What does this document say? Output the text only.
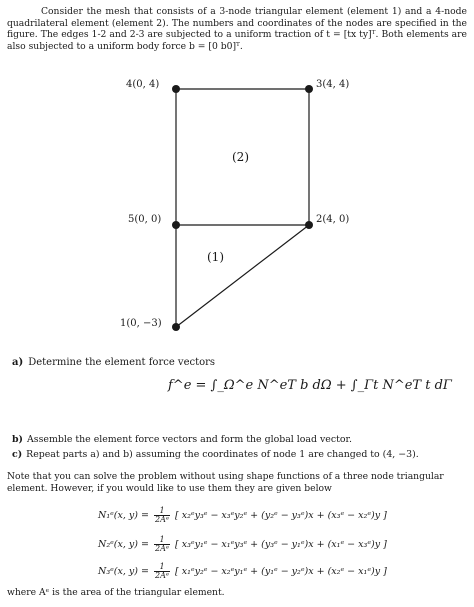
Consider the mesh that consists of a 3-node triangular element (element 1) and a 4-node quadrilateral element (element 2). The numbers and coordinates of the nodes are specified in the figure. The edges 1-2 and 2-3 are subjected to a uniform traction of t = [tx ty]ᵀ. Both elements are also subjected to a uniform body force b = [0 b0]ᵀ.
4(0, 4)	3(4, 4)
5(0, 0)	2(4, 0)
1(0, −3)
(2)
(1)
a) Determine the element force vectors
f^e = ∫_Ω^e N^eT b dΩ + ∫_Γt N^eT t dΓ
b) Assemble the element force vectors and form the global load vector.
c) Repeat parts a) and b) assuming the coordinates of node 1 are changed to (4, −3).
Note that you can solve the problem without using shape functions of a three node triangular element. However, if you would like to use them they are given below
N₁ᵉ(x, $y) = \frac{1}{\text{2Aᵉ}}$ [ x₂ᵉy₃ᵉ − x₃ᵉy₂ᵉ + (y₂ᵉ − y₃ᵉ)x + (x₃ᵉ − x₂ᵉ)y ]
N₂ᵉ(x, $y) = \frac{1}{\text{2Aᵉ}}$ [ x₃ᵉy₁ᵉ − x₁ᵉy₃ᵉ + (y₃ᵉ − y₁ᵉ)x + (x₁ᵉ − x₃ᵉ)y ]
N₃ᵉ(x, $y) = \frac{1}{\text{2Aᵉ}}$ [ x₁ᵉy₂ᵉ − x₂ᵉy₁ᵉ + (y₁ᵉ − y₂ᵉ)x + (x₂ᵉ − x₁ᵉ)y ]
where Aᵉ is the area of the triangular element.
